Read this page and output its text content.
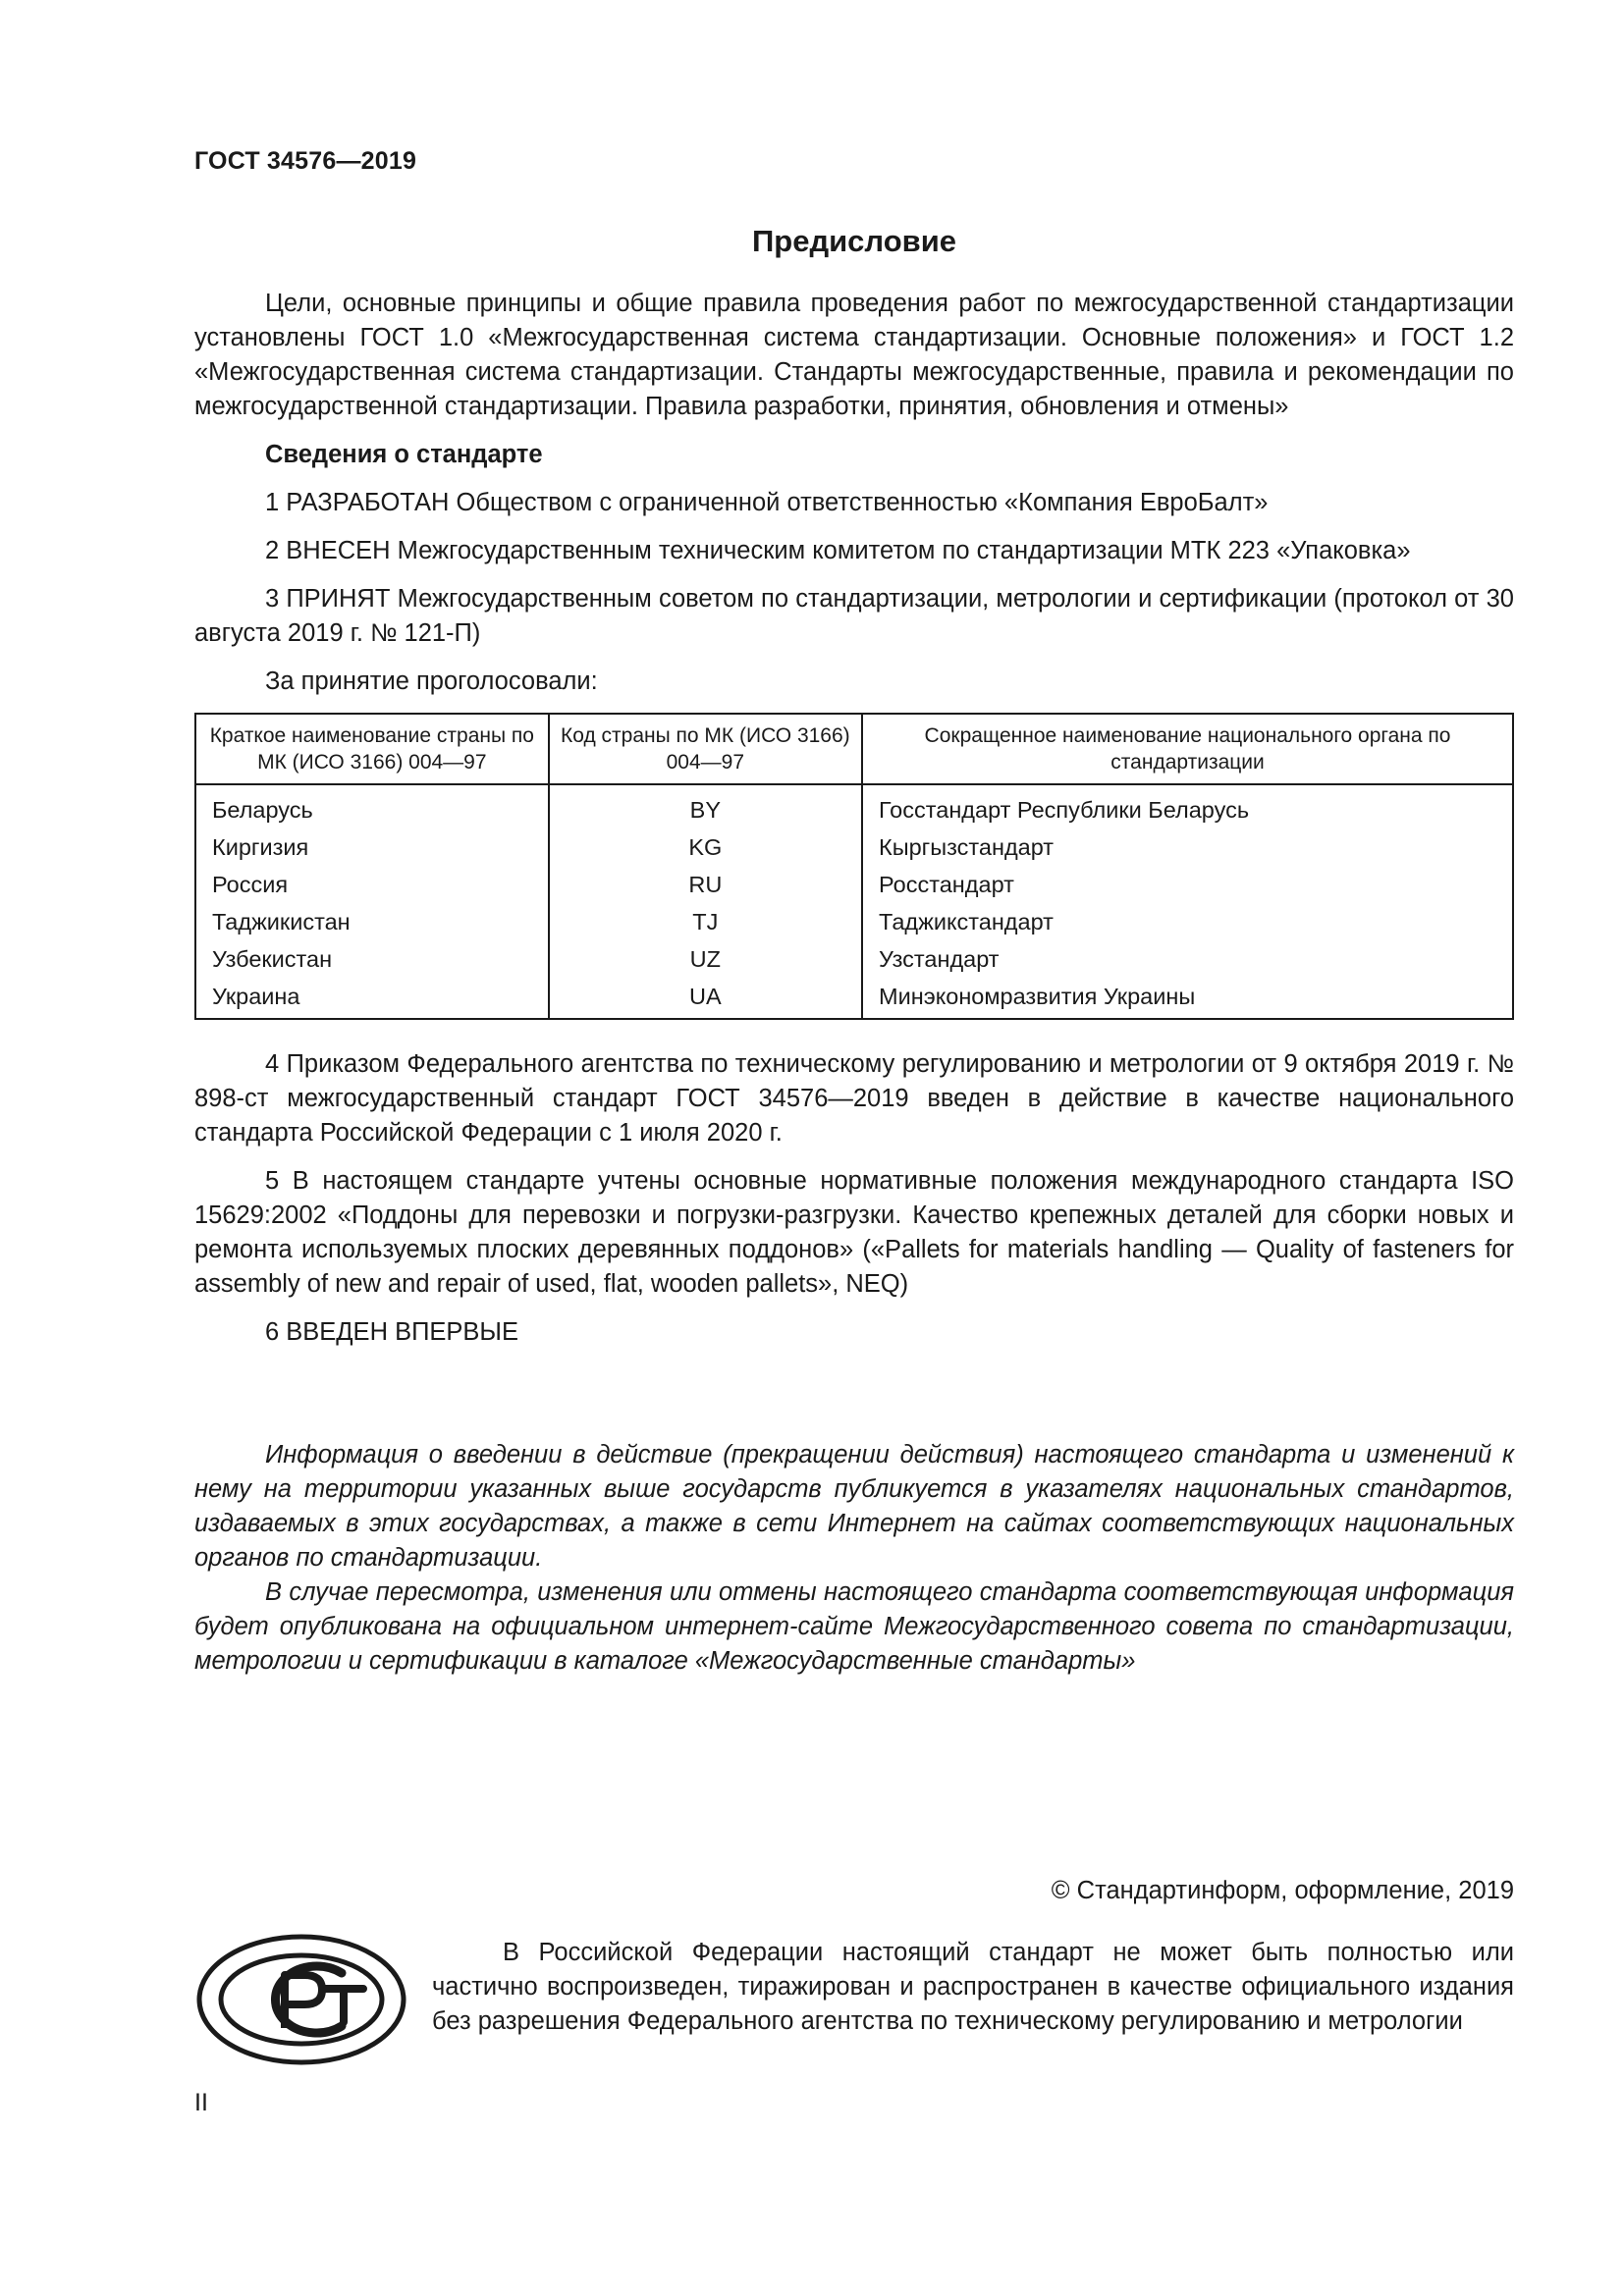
ГОСТ 34576—2019
Предисловие

Цели, основные принципы и общие правила проведения работ по межгосударственной стандартизации установлены ГОСТ 1.0 «Межгосударственная система стандартизации. Основные положения» и ГОСТ 1.2 «Межгосударственная система стандартизации. Стандарты межгосударственные, правила и рекомендации по межгосударственной стандартизации. Правила разработки, принятия, обновления и отмены»

Сведения о стандарте

1 РАЗРАБОТАН Обществом с ограниченной ответственностью «Компания ЕвроБалт»

2 ВНЕСЕН Межгосударственным техническим комитетом по стандартизации МТК 223 «Упаковка»

3 ПРИНЯТ Межгосударственным советом по стандартизации, метрологии и сертификации (протокол от 30 августа 2019 г. № 121-П)

За принятие проголосовали:

Краткое наименование страны по МК (ИСО 3166) 004—97	Код страны по МК (ИСО 3166) 004—97	Сокращенное наименование национального органа по стандартизации
Беларусь	BY	Госстандарт Республики Беларусь
Киргизия	KG	Кыргызстандарт
Россия	RU	Росстандарт
Таджикистан	TJ	Таджикстандарт
Узбекистан	UZ	Узстандарт
Украина	UA	Минэкономразвития Украины

4 Приказом Федерального агентства по техническому регулированию и метрологии от 9 октября 2019 г. № 898-ст межгосударственный стандарт ГОСТ 34576—2019 введен в действие в качестве национального стандарта Российской Федерации с 1 июля 2020 г.

5 В настоящем стандарте учтены основные нормативные положения международного стандарта ISO 15629:2002 «Поддоны для перевозки и погрузки-разгрузки. Качество крепежных деталей для сборки новых и ремонта используемых плоских деревянных поддонов» («Pallets for materials handling — Quality of fasteners for assembly of new and repair of used, flat, wooden pallets», NEQ)

6 ВВЕДЕН ВПЕРВЫЕ

Информация о введении в действие (прекращении действия) настоящего стандарта и изменений к нему на территории указанных выше государств публикуется в указателях национальных стандартов, издаваемых в этих государствах, а также в сети Интернет на сайтах соответствующих национальных органов по стандартизации.

В случае пересмотра, изменения или отмены настоящего стандарта соответствующая информация будет опубликована на официальном интернет-сайте Межгосударственного совета по стандартизации, метрологии и сертификации в каталоге «Межгосударственные стандарты»

© Стандартинформ, оформление, 2019

В Российской Федерации настоящий стандарт не может быть полностью или частично воспроизведен, тиражирован и распространен в качестве официального издания без разрешения Федерального агентства по техническому регулированию и метрологии

II
